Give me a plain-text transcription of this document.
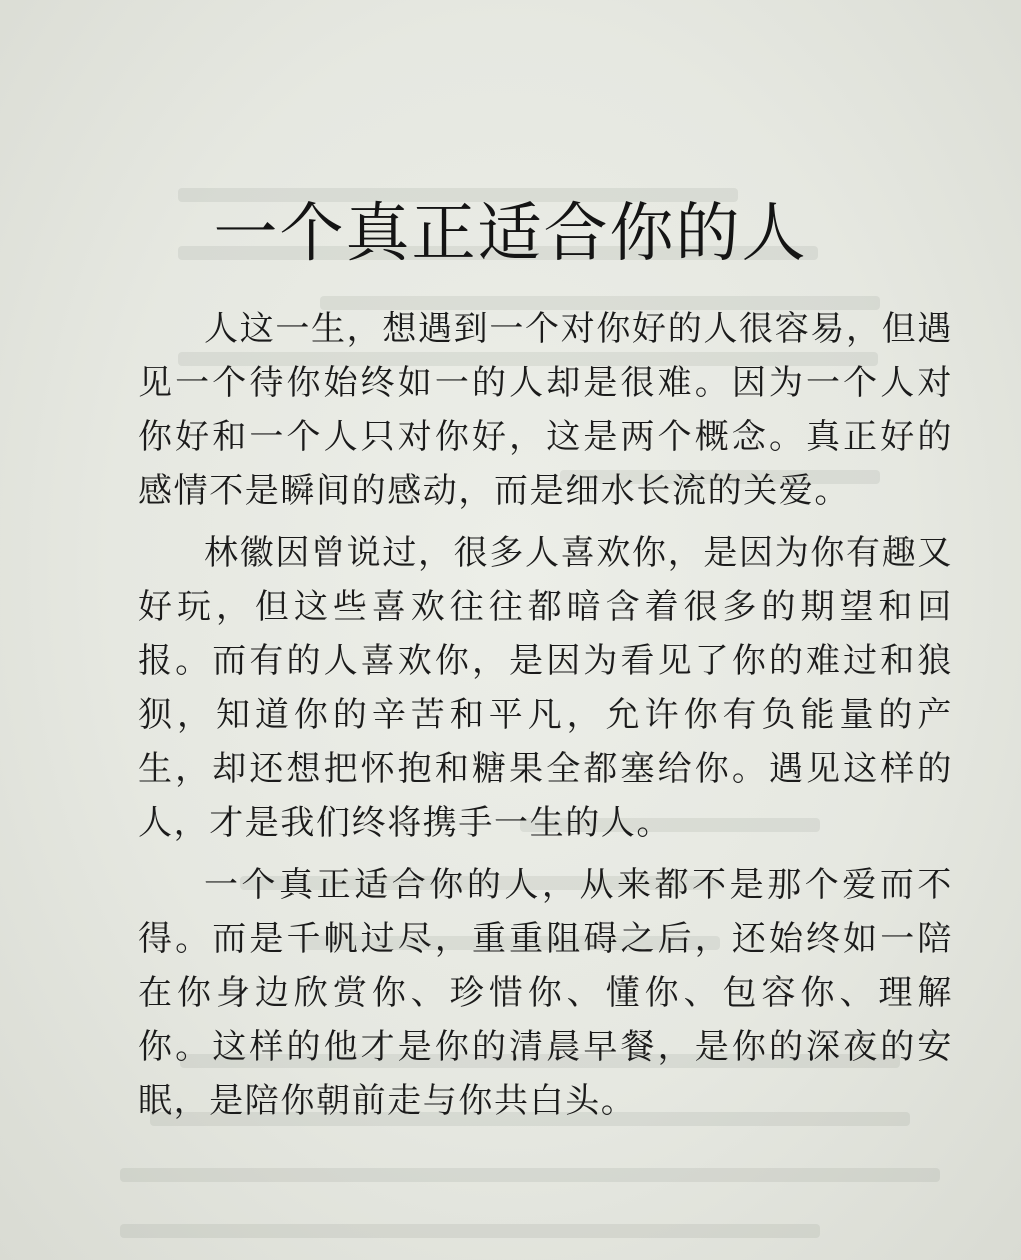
一个真正适合你的人

人这一生，想遇到一个对你好的人很容易，但遇见一个待你始终如一的人却是很难。因为一个人对你好和一个人只对你好，这是两个概念。真正好的感情不是瞬间的感动，而是细水长流的关爱。

林徽因曾说过，很多人喜欢你，是因为你有趣又好玩，但这些喜欢往往都暗含着很多的期望和回报。而有的人喜欢你，是因为看见了你的难过和狼狈，知道你的辛苦和平凡，允许你有负能量的产生，却还想把怀抱和糖果全都塞给你。遇见这样的人，才是我们终将携手一生的人。

一个真正适合你的人，从来都不是那个爱而不得。而是千帆过尽，重重阻碍之后，还始终如一陪在你身边欣赏你、珍惜你、懂你、包容你、理解你。这样的他才是你的清晨早餐，是你的深夜的安眠，是陪你朝前走与你共白头。
